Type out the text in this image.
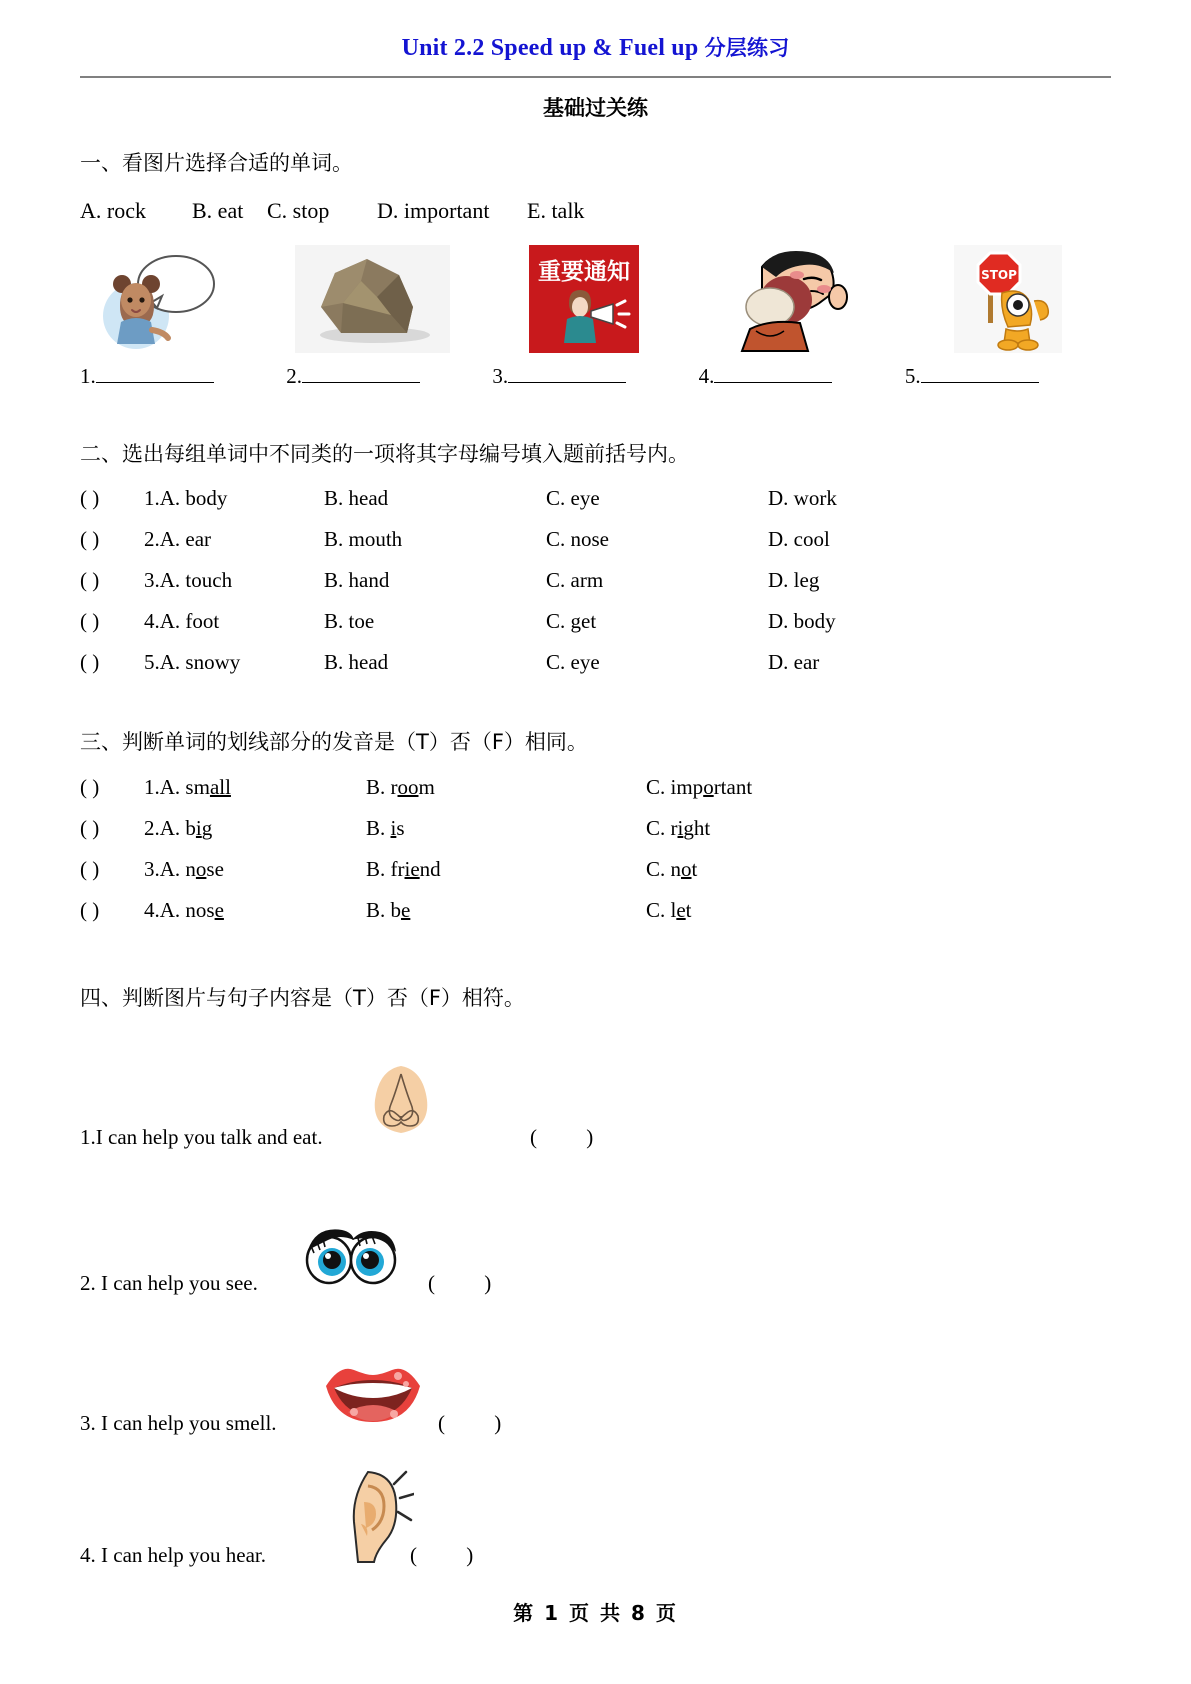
Unit 2.2 Speed up & Fuel up 分层练习
基础过关练
一、看图片选择合适的单词。
A. rock	B. eat	C. stop	D. important	E. talk
重要通知	STOP
1.	2.	3.	4.	5.
二、选出每组单词中不同类的一项将其字母编号填入题前括号内。
( )	1.A. body	B. head	C. eye	D. work
( )	2.A. ear	B. mouth	C. nose	D. cool
( )	3.A. touch	B. hand	C. arm	D. leg
( )	4.A. foot	B. toe	C. get	D. body
( )	5.A. snowy	B. head	C. eye	D. ear
三、判断单词的划线部分的发音是（T）否（F）相同。
( )	1.A. small	B. room	C. important
( )	2.A. big	B. is	C. right
( )	3.A. nose	B. friend	C. not
( )	4.A. nose	B. be	C. let
四、判断图片与句子内容是（T）否（F）相符。
1.I can help you talk and eat.	( )
2. I can help you see.	( )
3. I can help you smell.	( )
4. I can help you hear.	( )
第 1 页 共 8 页
